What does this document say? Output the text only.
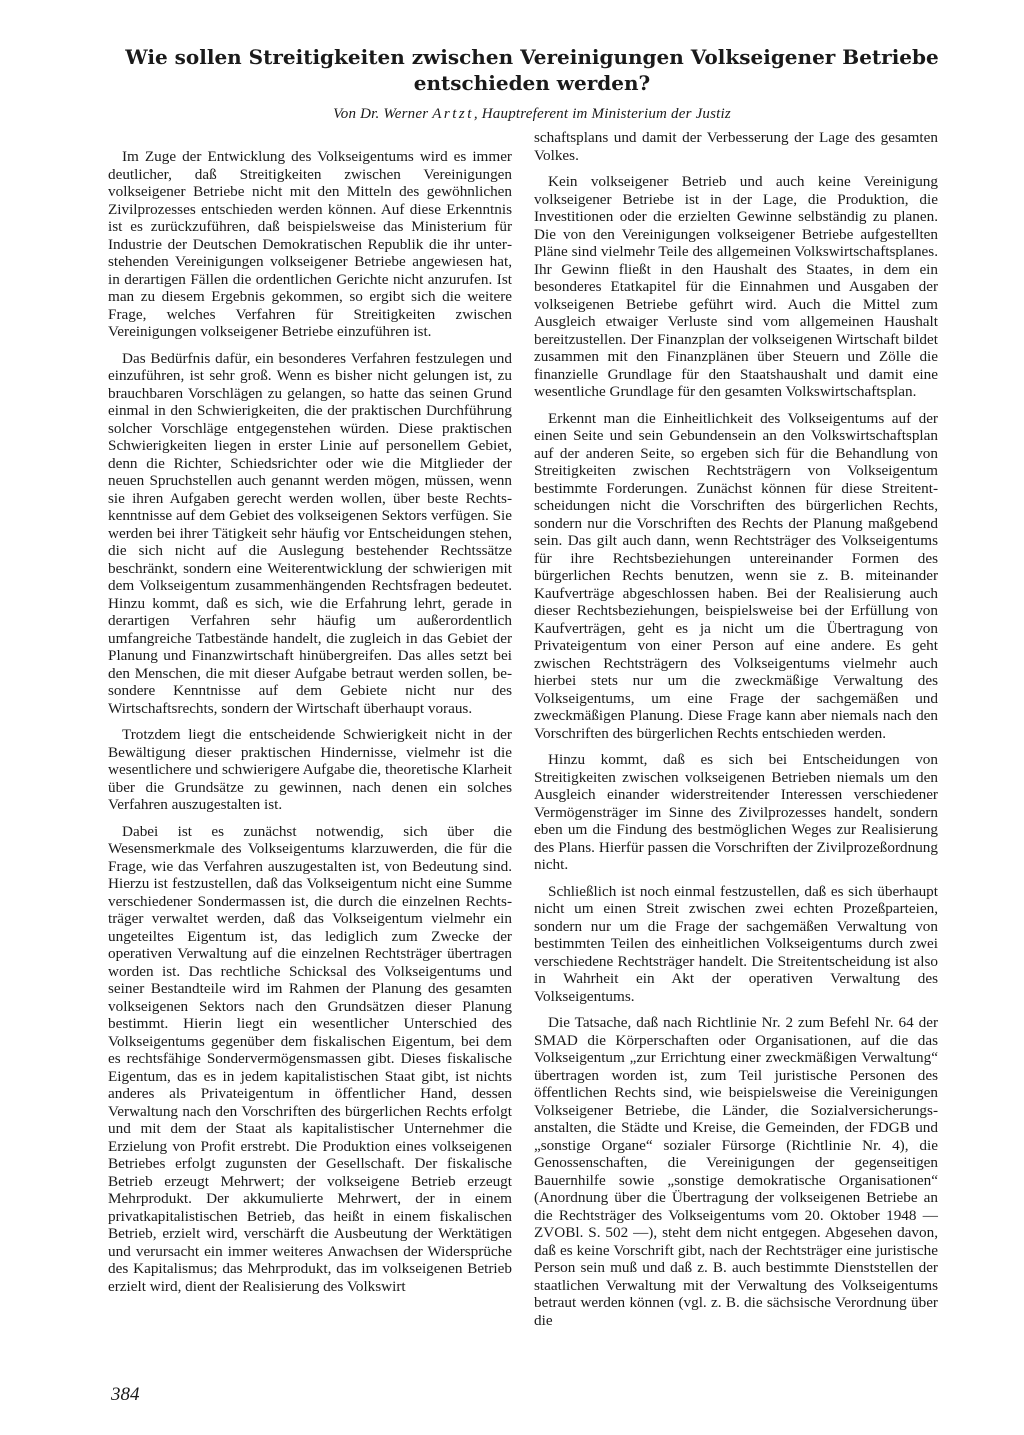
Wie sollen Streitigkeiten zwischen Vereinigungen Volkseigener Betriebe entschieden werden?
Von Dr. Werner Artzt, Hauptreferent im Ministerium der Justiz

Im Zuge der Entwicklung des Volkseigentums wird es immer deutlicher, daß Streitigkeiten zwischen Vereinigungen volkseigener Betriebe nicht mit den Mitteln des gewöhnlichen Zivilprozesses entschieden werden können. Auf diese Erkenntnis ist es zurückzuführen, daß beispielsweise das Ministerium für Industrie der Deutschen Demokratischen Republik die ihr unterstehenden Vereinigungen volkseigener Betriebe angewiesen hat, in derartigen Fällen die ordentlichen Gerichte nicht anzurufen. Ist man zu diesem Ergebnis gekommen, so ergibt sich die weitere Frage, welches Verfahren für Streitigkeiten zwischen Vereinigungen volkseigener Betriebe einzuführen ist.

Das Bedürfnis dafür, ein besonderes Verfahren festzulegen und einzuführen, ist sehr groß. Wenn es bisher nicht gelungen ist, zu brauchbaren Vorschlägen zu gelangen, so hatte das seinen Grund einmal in den Schwierigkeiten, die der praktischen Durchführung solcher Vorschläge entgegenstehen würden. Diese praktischen Schwierigkeiten liegen in erster Linie auf personellem Gebiet, denn die Richter, Schiedsrichter oder wie die Mitglieder der neuen Spruchstellen auch genannt werden mögen, müssen, wenn sie ihren Aufgaben gerecht werden wollen, über beste Rechtskenntnisse auf dem Gebiet des volkseigenen Sektors verfügen. Sie werden bei ihrer Tätigkeit sehr häufig vor Entscheidungen stehen, die sich nicht auf die Auslegung bestehender Rechtssätze beschränkt, sondern eine Weiterentwicklung der schwierigen mit dem Volkseigentum zusammenhängenden Rechtsfragen bedeutet. Hinzu kommt, daß es sich, wie die Erfahrung lehrt, gerade in derartigen Verfahren sehr häufig um außerordentlich umfangreiche Tatbestände handelt, die zugleich in das Gebiet der Planung und Finanzwirtschaft hinübergreifen. Das alles setzt bei den Menschen, die mit dieser Aufgabe betraut werden sollen, besondere Kenntnisse auf dem Gebiete nicht nur des Wirtschaftsrechts, sondern der Wirtschaft überhaupt voraus.

Trotzdem liegt die entscheidende Schwierigkeit nicht in der Bewältigung dieser praktischen Hindernisse, vielmehr ist die wesentlichere und schwierigere Aufgabe die, theoretische Klarheit über die Grundsätze zu gewinnen, nach denen ein solches Verfahren auszugestalten ist.

Dabei ist es zunächst notwendig, sich über die Wesensmerkmale des Volkseigentums klarzuwerden, die für die Frage, wie das Verfahren auszugestalten ist, von Bedeutung sind. Hierzu ist festzustellen, daß das Volkseigentum nicht eine Summe verschiedener Sondermassen ist, die durch die einzelnen Rechtsträger verwaltet werden, daß das Volkseigentum vielmehr ein ungeteiltes Eigentum ist, das lediglich zum Zwecke der operativen Verwaltung auf die einzelnen Rechtsträger übertragen worden ist. Das rechtliche Schicksal des Volkseigentums und seiner Bestandteile wird im Rahmen der Planung des gesamten volkseigenen Sektors nach den Grundsätzen dieser Planung bestimmt. Hierin liegt ein wesentlicher Unterschied des Volkseigentums gegenüber dem fiskalischen Eigentum, bei dem es rechtsfähige Sondervermögensmassen gibt. Dieses fiskalische Eigentum, das es in jedem kapitalistischen Staat gibt, ist nichts anderes als Privateigentum in öffentlicher Hand, dessen Verwaltung nach den Vorschriften des bürgerlichen Rechts erfolgt und mit dem der Staat als kapitalistischer Unternehmer die Erzielung von Profit erstrebt. Die Produktion eines volkseigenen Betriebes erfolgt zugunsten der Gesellschaft. Der fiskalische Betrieb erzeugt Mehrwert; der volkseigene Betrieb erzeugt Mehrprodukt. Der akkumulierte Mehrwert, der in einem privatkapitalistischen Betrieb, das heißt in einem fiskalischen Betrieb, erzielt wird, verschärft die Ausbeutung der Werktätigen und verursacht ein immer weiteres Anwachsen der Widersprüche des Kapitalismus; das Mehrprodukt, das im volkseigenen Betrieb erzielt wird, dient der Realisierung des Volkswirt

schaftsplans und damit der Verbesserung der Lage des gesamten Volkes.

Kein volkseigener Betrieb und auch keine Vereinigung volkseigener Betriebe ist in der Lage, die Produktion, die Investitionen oder die erzielten Gewinne selbständig zu planen. Die von den Vereinigungen volkseigener Betriebe aufgestellten Pläne sind vielmehr Teile des allgemeinen Volkswirtschaftsplanes. Ihr Gewinn fließt in den Haushalt des Staates, in dem ein besonderes Etatkapitel für die Einnahmen und Ausgaben der volkseigenen Betriebe geführt wird. Auch die Mittel zum Ausgleich etwaiger Verluste sind vom allgemeinen Haushalt bereitzustellen. Der Finanzplan der volkseigenen Wirtschaft bildet zusammen mit den Finanzplänen über Steuern und Zölle die finanzielle Grundlage für den Staatshaushalt und damit eine wesentliche Grundlage für den gesamten Volkswirtschaftsplan.

Erkennt man die Einheitlichkeit des Volkseigentums auf der einen Seite und sein Gebundensein an den Volkswirtschaftsplan auf der anderen Seite, so ergeben sich für die Behandlung von Streitigkeiten zwischen Rechtsträgern von Volkseigentum bestimmte Forderungen. Zunächst können für diese Streitentscheidungen nicht die Vorschriften des bürgerlichen Rechts, sondern nur die Vorschriften des Rechts der Planung maßgebend sein. Das gilt auch dann, wenn Rechtsträger des Volkseigentums für ihre Rechtsbeziehungen untereinander Formen des bürgerlichen Rechts benutzen, wenn sie z. B. miteinander Kaufverträge abgeschlossen haben. Bei der Realisierung auch dieser Rechtsbeziehungen, beispielsweise bei der Erfüllung von Kaufverträgen, geht es ja nicht um die Übertragung von Privateigentum von einer Person auf eine andere. Es geht zwischen Rechtsträgern des Volkseigentums vielmehr auch hierbei stets nur um die zweckmäßige Verwaltung des Volkseigentums, um eine Frage der sachgemäßen und zweckmäßigen Planung. Diese Frage kann aber niemals nach den Vorschriften des bürgerlichen Rechts entschieden werden.

Hinzu kommt, daß es sich bei Entscheidungen von Streitigkeiten zwischen volkseigenen Betrieben niemals um den Ausgleich einander widerstreitender Interessen verschiedener Vermögensträger im Sinne des Zivilprozesses handelt, sondern eben um die Findung des bestmöglichen Weges zur Realisierung des Plans. Hierfür passen die Vorschriften der Zivilprozeßordnung nicht.

Schließlich ist noch einmal festzustellen, daß es sich überhaupt nicht um einen Streit zwischen zwei echten Prozeßparteien, sondern nur um die Frage der sachgemäßen Verwaltung von bestimmten Teilen des einheitlichen Volkseigentums durch zwei verschiedene Rechtsträger handelt. Die Streitentscheidung ist also in Wahrheit ein Akt der operativen Verwaltung des Volkseigentums.

Die Tatsache, daß nach Richtlinie Nr. 2 zum Befehl Nr. 64 der SMAD die Körperschaften oder Organisationen, auf die das Volkseigentum „zur Errichtung einer zweckmäßigen Verwaltung“ übertragen worden ist, zum Teil juristische Personen des öffentlichen Rechts sind, wie beispielsweise die Vereinigungen Volkseigener Betriebe, die Länder, die Sozialversicherungsanstalten, die Städte und Kreise, die Gemeinden, der FDGB und „sonstige Organe“ sozialer Fürsorge (Richtlinie Nr. 4), die Genossenschaften, die Vereinigungen der gegenseitigen Bauernhilfe sowie „sonstige demokratische Organisationen“ (Anordnung über die Übertragung der volkseigenen Betriebe an die Rechtsträger des Volkseigentums vom 20. Oktober 1948 — ZVOBl. S. 502 —), steht dem nicht entgegen. Abgesehen davon, daß es keine Vorschrift gibt, nach der Rechtsträger eine juristische Person sein muß und daß z. B. auch bestimmte Dienststellen der staatlichen Verwaltung mit der Verwaltung des Volkseigentums betraut werden können (vgl. z. B. die sächsische Verordnung über die

384
